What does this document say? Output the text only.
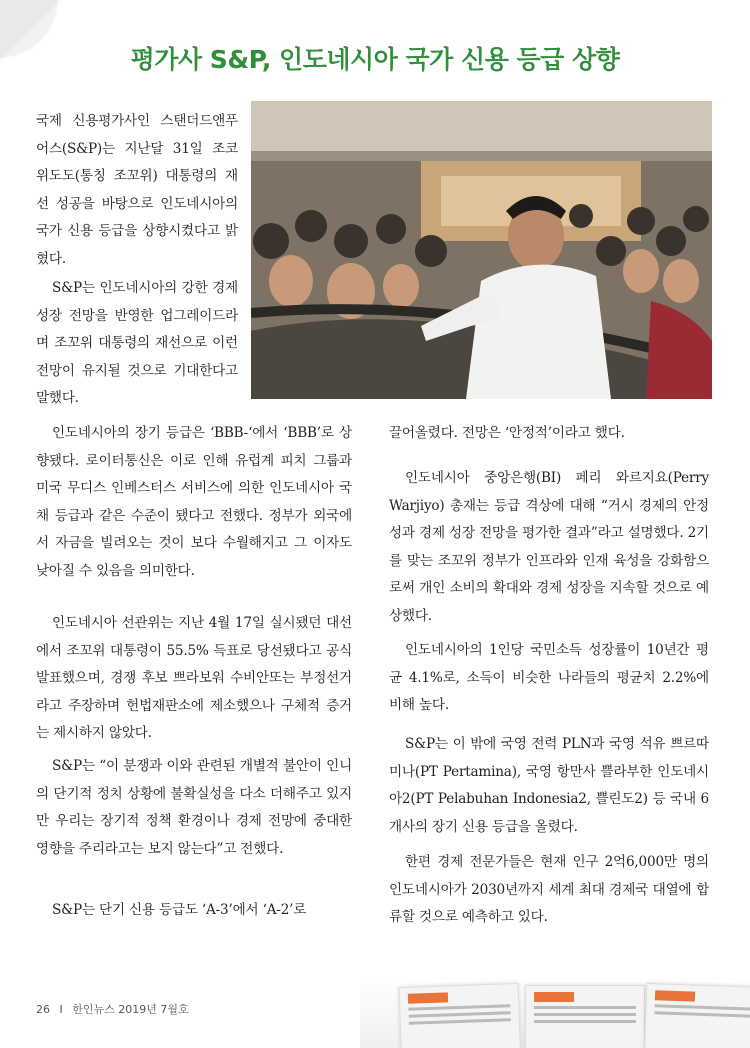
평가사 S&P, 인도네시아 국가 신용 등급 상향

국제 신용평가사인 스탠더드앤푸어스(S&P)는 지난달 31일 조코 위도도(통칭 조꼬위) 대통령의 재선 성공을 바탕으로 인도네시아의 국가 신용 등급을 상향시켰다고 밝혔다.

S&P는 인도네시아의 강한 경제성장 전망을 반영한 업그레이드라며 조꼬위 대통령의 재선으로 이런 전망이 유지될 것으로 기대한다고 말했다.

인도네시아의 장기 등급은 ‘BBB-‘에서 ‘BBB’로 상향됐다. 로이터통신은 이로 인해 유럽계 피치 그룹과 미국 무디스 인베스터스 서비스에 의한 인도네시아 국채 등급과 같은 수준이 됐다고 전했다. 정부가 외국에서 자금을 빌려오는 것이 보다 수월해지고 그 이자도 낮아질 수 있음을 의미한다.

인도네시아 선관위는 지난 4월 17일 실시됐던 대선에서 조꼬위 대통령이 55.5% 득표로 당선됐다고 공식 발표했으며, 경쟁 후보 쁘라보워 수비안또는 부정선거라고 주장하며 헌법재판소에 제소했으나 구체적 증거는 제시하지 않았다.

S&P는 “이 분쟁과 이와 관련된 개별적 불안이 인니의 단기적 정치 상황에 불확실성을 다소 더해주고 있지만 우리는 장기적 정책 환경이나 경제 전망에 중대한 영향을 주리라고는 보지 않는다”고 전했다.

S&P는 단기 신용 등급도 ‘A-3’에서 ‘A-2’로

끌어올렸다. 전망은 ‘안정적’이라고 했다.

인도네시아 중앙은행(BI) 페리 와르지요(Perry Warjiyo) 총재는 등급 격상에 대해 “거시 경제의 안정성과 경제 성장 전망을 평가한 결과”라고 설명했다. 2기를 맞는 조꼬위 정부가 인프라와 인재 육성을 강화함으로써 개인 소비의 확대와 경제 성장을 지속할 것으로 예상했다.

인도네시아의 1인당 국민소득 성장률이 10년간 평균 4.1%로, 소득이 비슷한 나라들의 평균치 2.2%에 비해 높다.

S&P는 이 밖에 국영 전력 PLN과 국영 석유 쁘르따미나(PT Pertamina), 국영 항만사 쁠라부한 인도네시아2(PT Pelabuhan Indonesia2, 쁠린도2) 등 국내 6개사의 장기 신용 등급을 올렸다.

한편 경제 전문가들은 현재 인구 2억6,000만 명의 인도네시아가 2030년까지 세계 최대 경제국 대열에 합류할 것으로 예측하고 있다.

26 I 한인뉴스 2019년 7월호
